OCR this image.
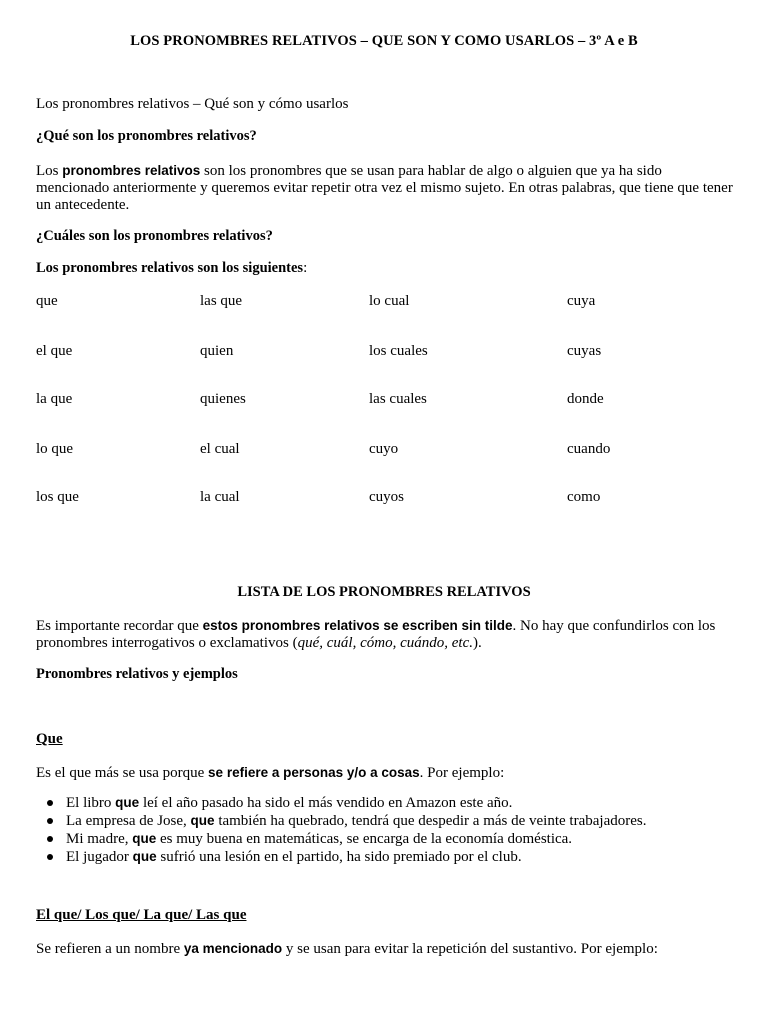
LOS PRONOMBRES RELATIVOS – QUE SON Y COMO USARLOS – 3º A e B
Los pronombres relativos – Qué son y cómo usarlos
¿Qué son los pronombres relativos?
Los pronombres relativos son los pronombres que se usan para hablar de algo o alguien que ya ha sido mencionado anteriormente y queremos evitar repetir otra vez el mismo sujeto. En otras palabras, que tiene que tener un antecedente.
¿Cuáles son los pronombres relativos?
Los pronombres relativos son los siguientes:
que	las que	lo cual	cuya
el que	quien	los cuales	cuyas
la que	quienes	las cuales	donde
lo que	el cual	cuyo	cuando
los que	la cual	cuyos	como
LISTA DE LOS PRONOMBRES RELATIVOS
Es importante recordar que estos pronombres relativos se escriben sin tilde. No hay que confundirlos con los pronombres interrogativos o exclamativos (qué, cuál, cómo, cuándo, etc.).
Pronombres relativos y ejemplos
Que
Es el que más se usa porque se refiere a personas y/o a cosas. Por ejemplo:
El libro que leí el año pasado ha sido el más vendido en Amazon este año.
La empresa de Jose, que también ha quebrado, tendrá que despedir a más de veinte trabajadores.
Mi madre, que es muy buena en matemáticas, se encarga de la economía doméstica.
El jugador que sufrió una lesión en el partido, ha sido premiado por el club.
El que/ Los que/ La que/ Las que
Se refieren a un nombre ya mencionado y se usan para evitar la repetición del sustantivo. Por ejemplo:
